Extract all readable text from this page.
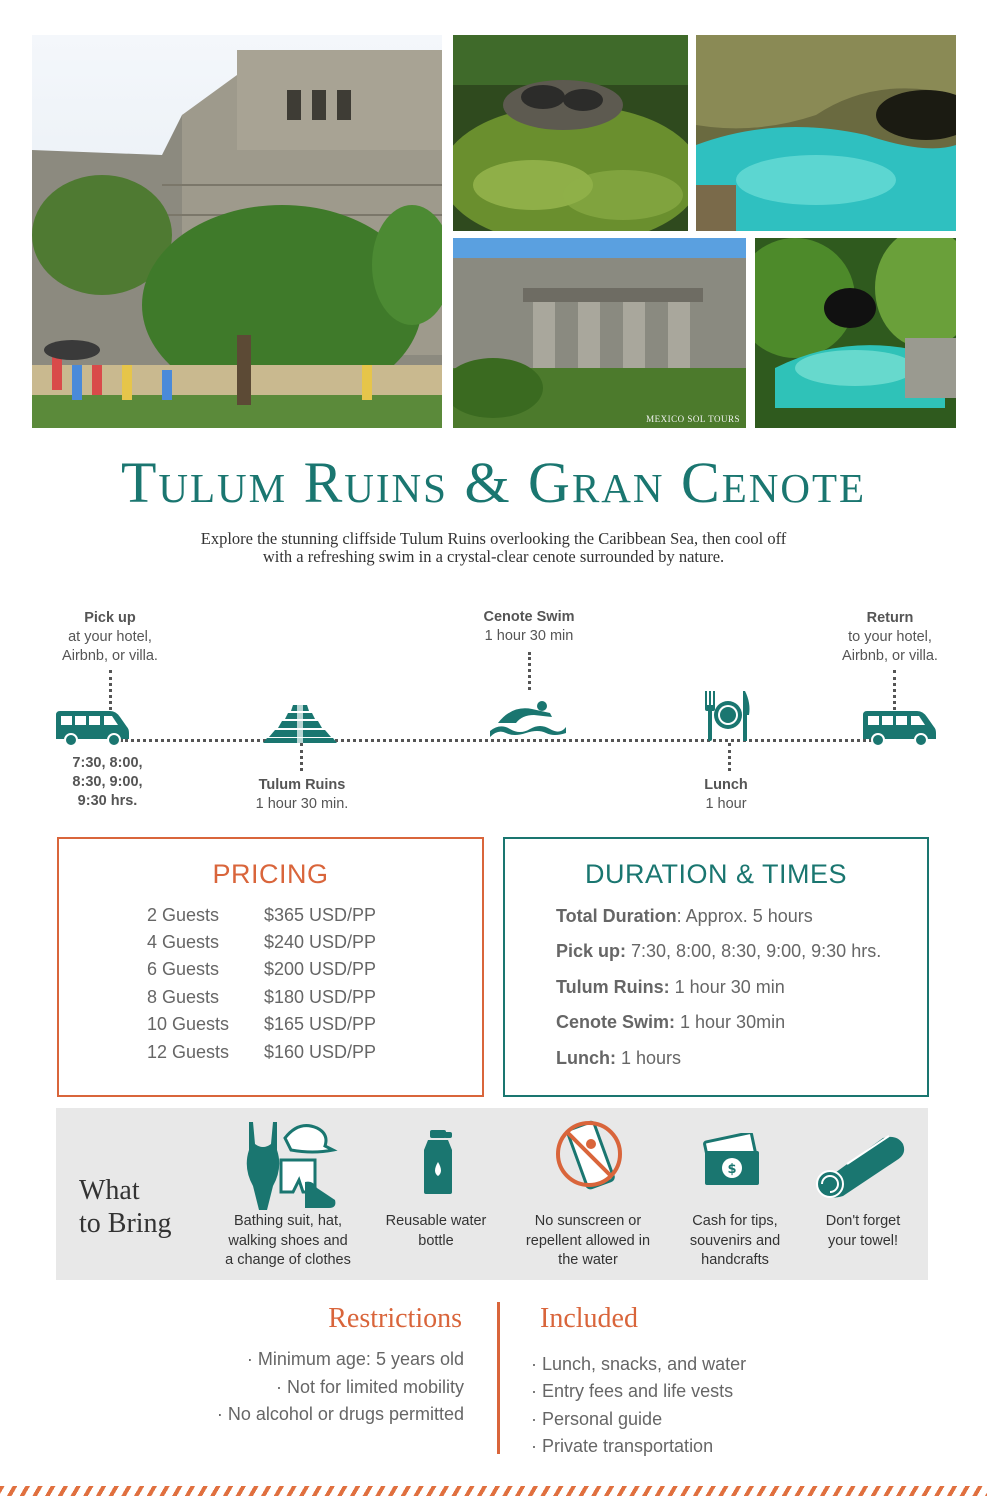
MEXICO SOL TOURS
Tulum Ruins & Gran Cenote
Explore the stunning cliffside Tulum Ruins overlooking the Caribbean Sea, then cool off
with a refreshing swim in a crystal-clear cenote surrounded by nature.
Pick up
at your hotel,
Airbnb, or villa.
7:30, 8:00,
8:30, 9:00,
9:30 hrs.
Tulum Ruins
1 hour 30 min.
Cenote Swim
1 hour 30 min
Lunch
1 hour
Return
to your hotel,
Airbnb, or villa.
PRICING
2 Guests $365 USD/PP
4 Guests $240 USD/PP
6 Guests $200 USD/PP
8 Guests $180 USD/PP
10 Guests $165 USD/PP
12 Guests $160 USD/PP
DURATION & TIMES
Total Duration: Approx. 5 hours
Pick up: 7:30, 8:00, 8:30, 9:00, 9:30 hrs.
Tulum Ruins: 1 hour 30 min
Cenote Swim: 1 hour 30min
Lunch: 1 hours
What
to Bring	Bathing suit, hat,
walking shoes and
a change of clothes
Reusable water
bottle
No sunscreen or
repellent allowed in
the water
$
Cash for tips,
souvenirs and
handcrafts
Don't forget
your towel!
Restrictions
· Minimum age: 5 years old
· Not for limited mobility
· No alcohol or drugs permitted
Included
· Lunch, snacks, and water
· Entry fees and life vests
· Personal guide
· Private transportation
